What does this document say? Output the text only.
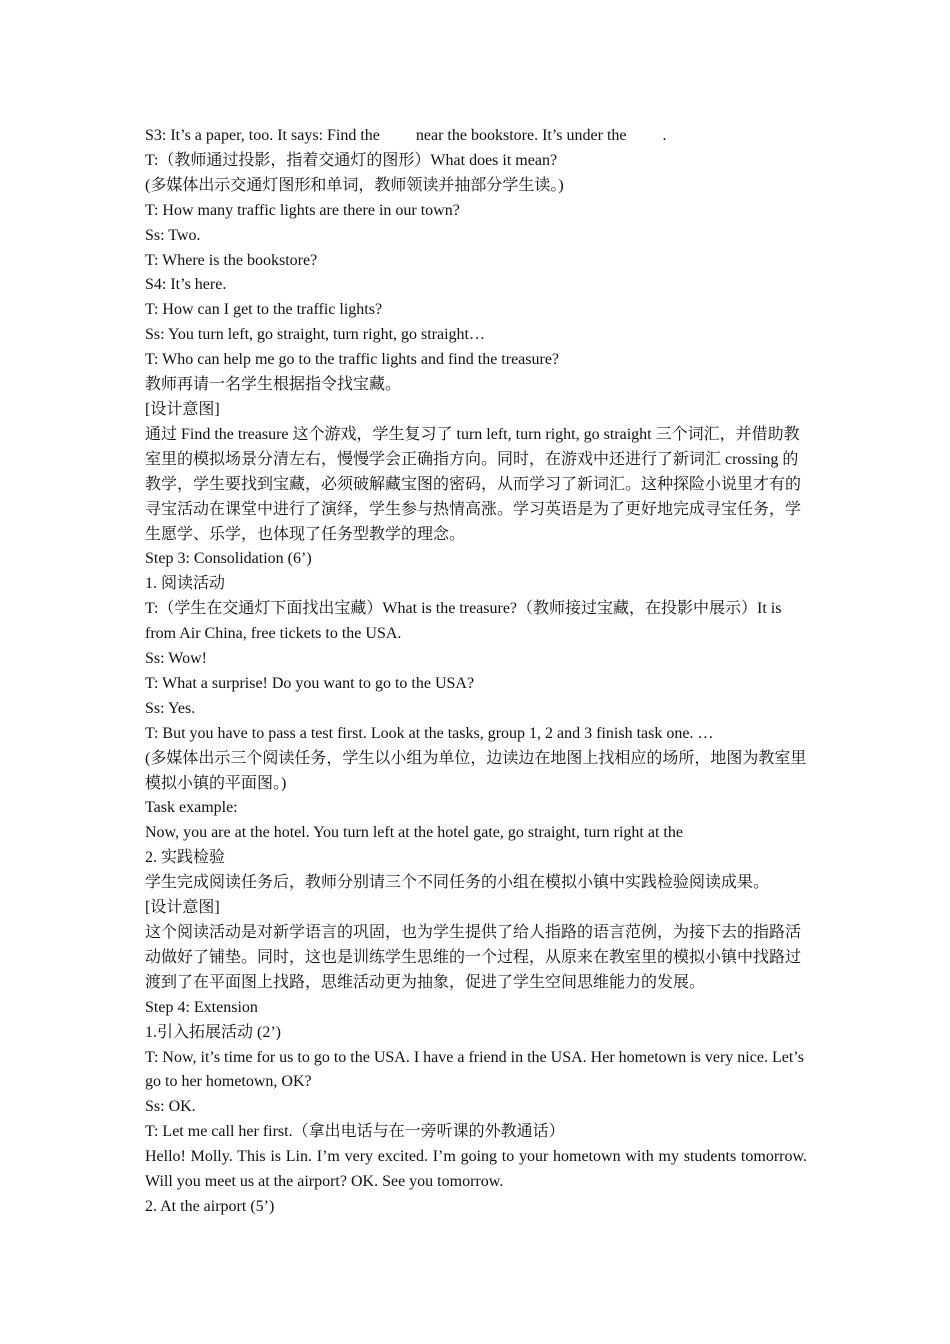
S3: It’s a paper, too. It says: Find the         near the bookstore. It’s under the         .
T:（教师通过投影，指着交通灯的图形）What does it mean?
(多媒体出示交通灯图形和单词，教师领读并抽部分学生读。)
T: How many traffic lights are there in our town?
Ss: Two.
T: Where is the bookstore?
S4: It’s here.
T: How can I get to the traffic lights?
Ss: You turn left, go straight, turn right, go straight…
T: Who can help me go to the traffic lights and find the treasure?
教师再请一名学生根据指令找宝藏。
[设计意图]
通过 Find the treasure 这个游戏，学生复习了 turn left, turn right, go straight 三个词汇，并借助教室里的模拟场景分清左右，慢慢学会正确指方向。同时，在游戏中还进行了新词汇 crossing 的教学，学生要找到宝藏，必须破解藏宝图的密码，从而学习了新词汇。这种探险小说里才有的寻宝活动在课堂中进行了演绎，学生参与热情高涨。学习英语是为了更好地完成寻宝任务，学生愿学、乐学，也体现了任务型教学的理念。
Step 3: Consolidation (6’)
1. 阅读活动
T:（学生在交通灯下面找出宝藏）What is the treasure?（教师接过宝藏，在投影中展示）It is from Air China, free tickets to the USA.
Ss: Wow!
T: What a surprise! Do you want to go to the USA?
Ss: Yes.
T: But you have to pass a test first. Look at the tasks, group 1, 2 and 3 finish task one. …
(多媒体出示三个阅读任务，学生以小组为单位，边读边在地图上找相应的场所，地图为教室里模拟小镇的平面图。)
Task example:
Now, you are at the hotel. You turn left at the hotel gate, go straight, turn right at the
2. 实践检验
学生完成阅读任务后，教师分别请三个不同任务的小组在模拟小镇中实践检验阅读成果。
[设计意图]
这个阅读活动是对新学语言的巩固，也为学生提供了给人指路的语言范例，为接下去的指路活动做好了铺垫。同时，这也是训练学生思维的一个过程，从原来在教室里的模拟小镇中找路过渡到了在平面图上找路，思维活动更为抽象，促进了学生空间思维能力的发展。
Step 4: Extension
1.引入拓展活动 (2’)
T: Now, it’s time for us to go to the USA. I have a friend in the USA. Her hometown is very nice. Let’s go to her hometown, OK?
Ss: OK.
T: Let me call her first.（拿出电话与在一旁听课的外教通话）
Hello! Molly. This is Lin. I’m very excited. I’m going to your hometown with my students tomorrow. Will you meet us at the airport? OK. See you tomorrow.
2. At the airport (5’)
